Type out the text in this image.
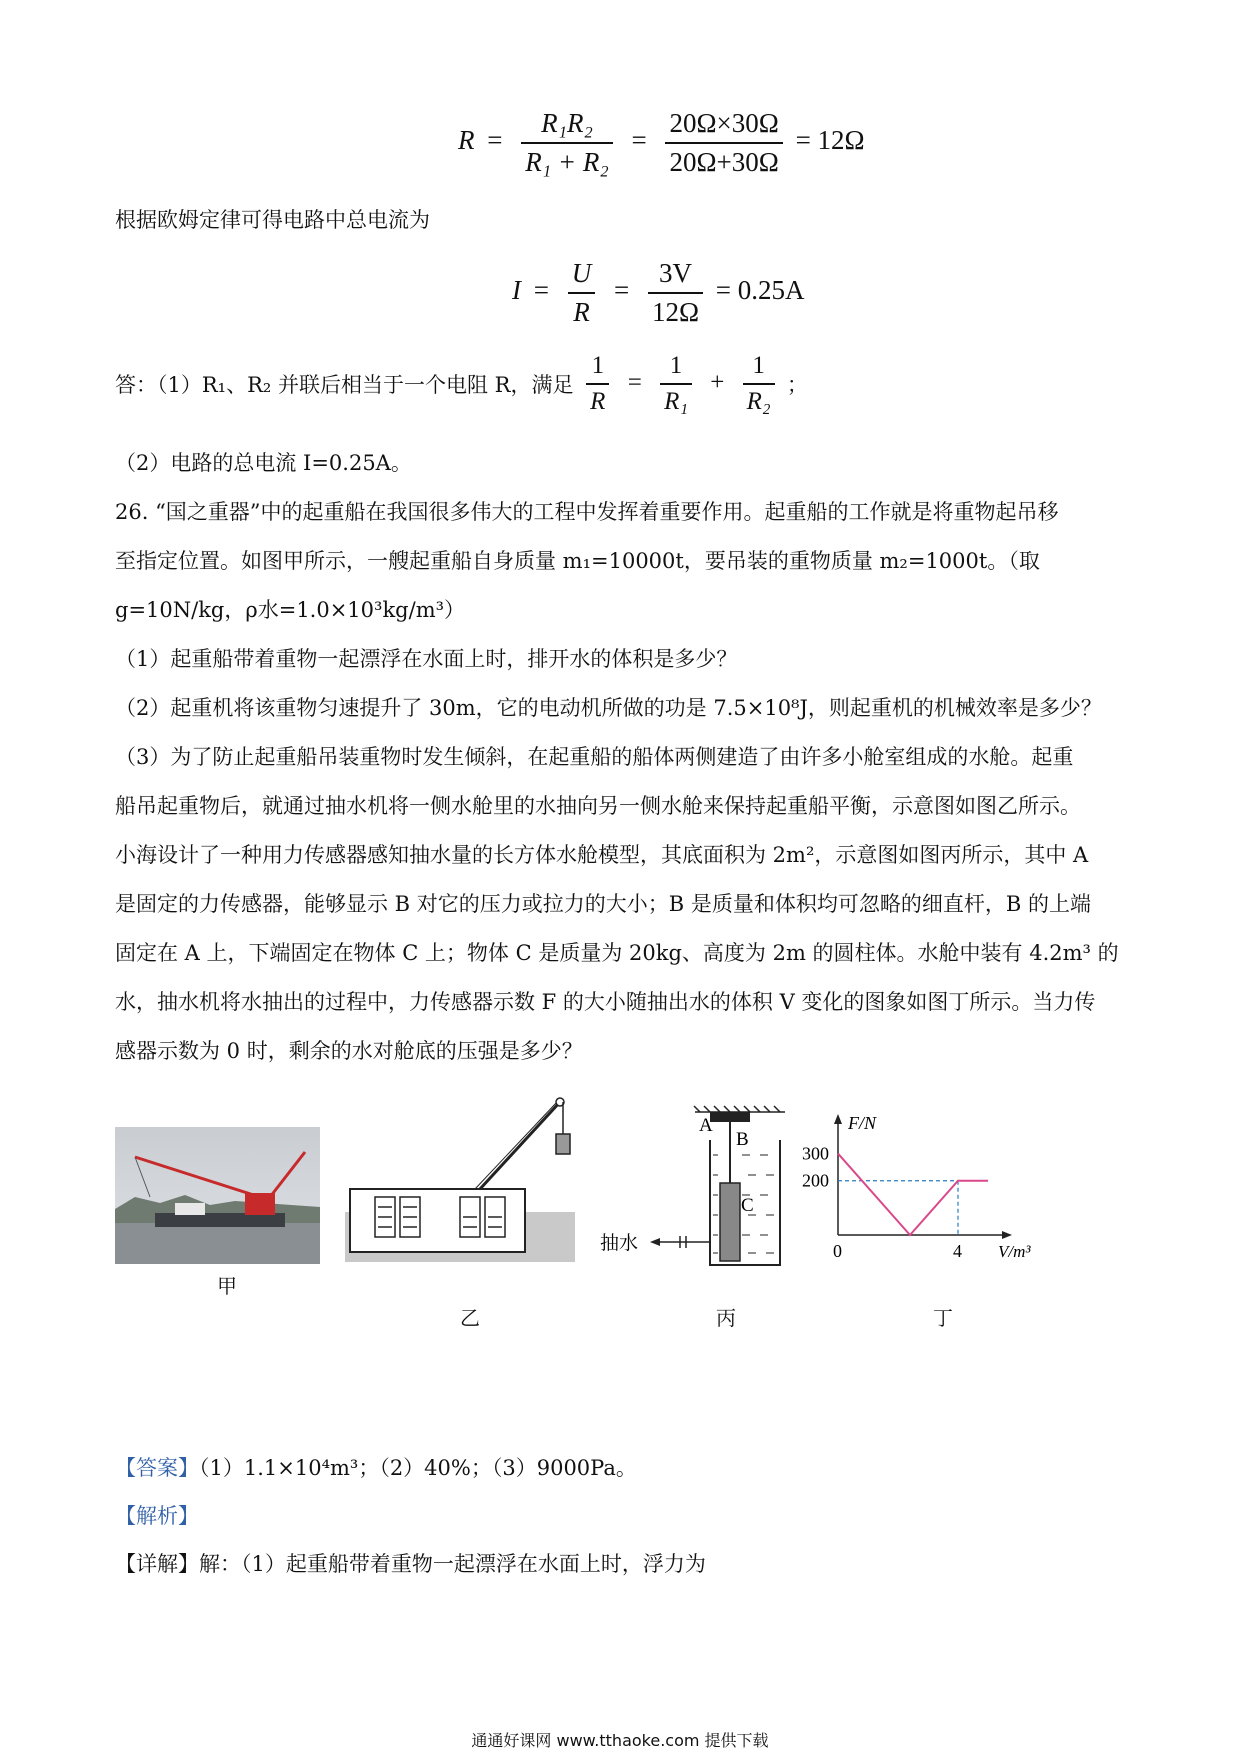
$R = \frac{\text{R₁R₂}}{\text{R₁ + R₂}} = \frac{20\Omega\times 30\Omega}{20\Omega+30\Omega} = 12\Omega$
根据欧姆定律可得电路中总电流为
$I = \frac{U}{R} = \frac{3V}{12\Omega} = 0.25A$
答：（1）R₁、R₂ 并联后相当于一个电阻 R，满足 $\frac{1}{R} = \frac{1}{\text{R₁}} + \frac{1}{\text{R₂}}$ ；
（2）电路的总电流 I=0.25A。
26. “国之重器”中的起重船在我国很多伟大的工程中发挥着重要作用。起重船的工作就是将重物起吊移
至指定位置。如图甲所示，一艘起重船自身质量 m₁=10000t，要吊装的重物质量 m₂=1000t。（取
g=10N/kg，ρ水=1.0×10³kg/m³）
（1）起重船带着重物一起漂浮在水面上时，排开水的体积是多少？
（2）起重机将该重物匀速提升了 30m，它的电动机所做的功是 7.5×10⁸J，则起重机的机械效率是多少？
（3）为了防止起重船吊装重物时发生倾斜，在起重船的船体两侧建造了由许多小舱室组成的水舱。起重
船吊起重物后，就通过抽水机将一侧水舱里的水抽向另一侧水舱来保持起重船平衡，示意图如图乙所示。
小海设计了一种用力传感器感知抽水量的长方体水舱模型，其底面积为 2m²，示意图如图丙所示，其中 A
是固定的力传感器，能够显示 B 对它的压力或拉力的大小；B 是质量和体积均可忽略的细直杆，B 的上端
固定在 A 上，下端固定在物体 C 上；物体 C 是质量为 20kg、高度为 2m 的圆柱体。水舱中装有 4.2m³ 的
水，抽水机将水抽出的过程中，力传感器示数 F 的大小随抽出水的体积 V 变化的图象如图丁所示。当力传
感器示数为 0 时，剩余的水对舱底的压强是多少？
甲
乙
A
B
C
抽水
丙
F/N
V/m³
200
300
0	4
丁
【答案】（1）1.1×10⁴m³；（2）40%；（3）9000Pa。
【解析】
【详解】解：（1）起重船带着重物一起漂浮在水面上时，浮力为
通通好课网 www.tthaoke.com 提供下载
